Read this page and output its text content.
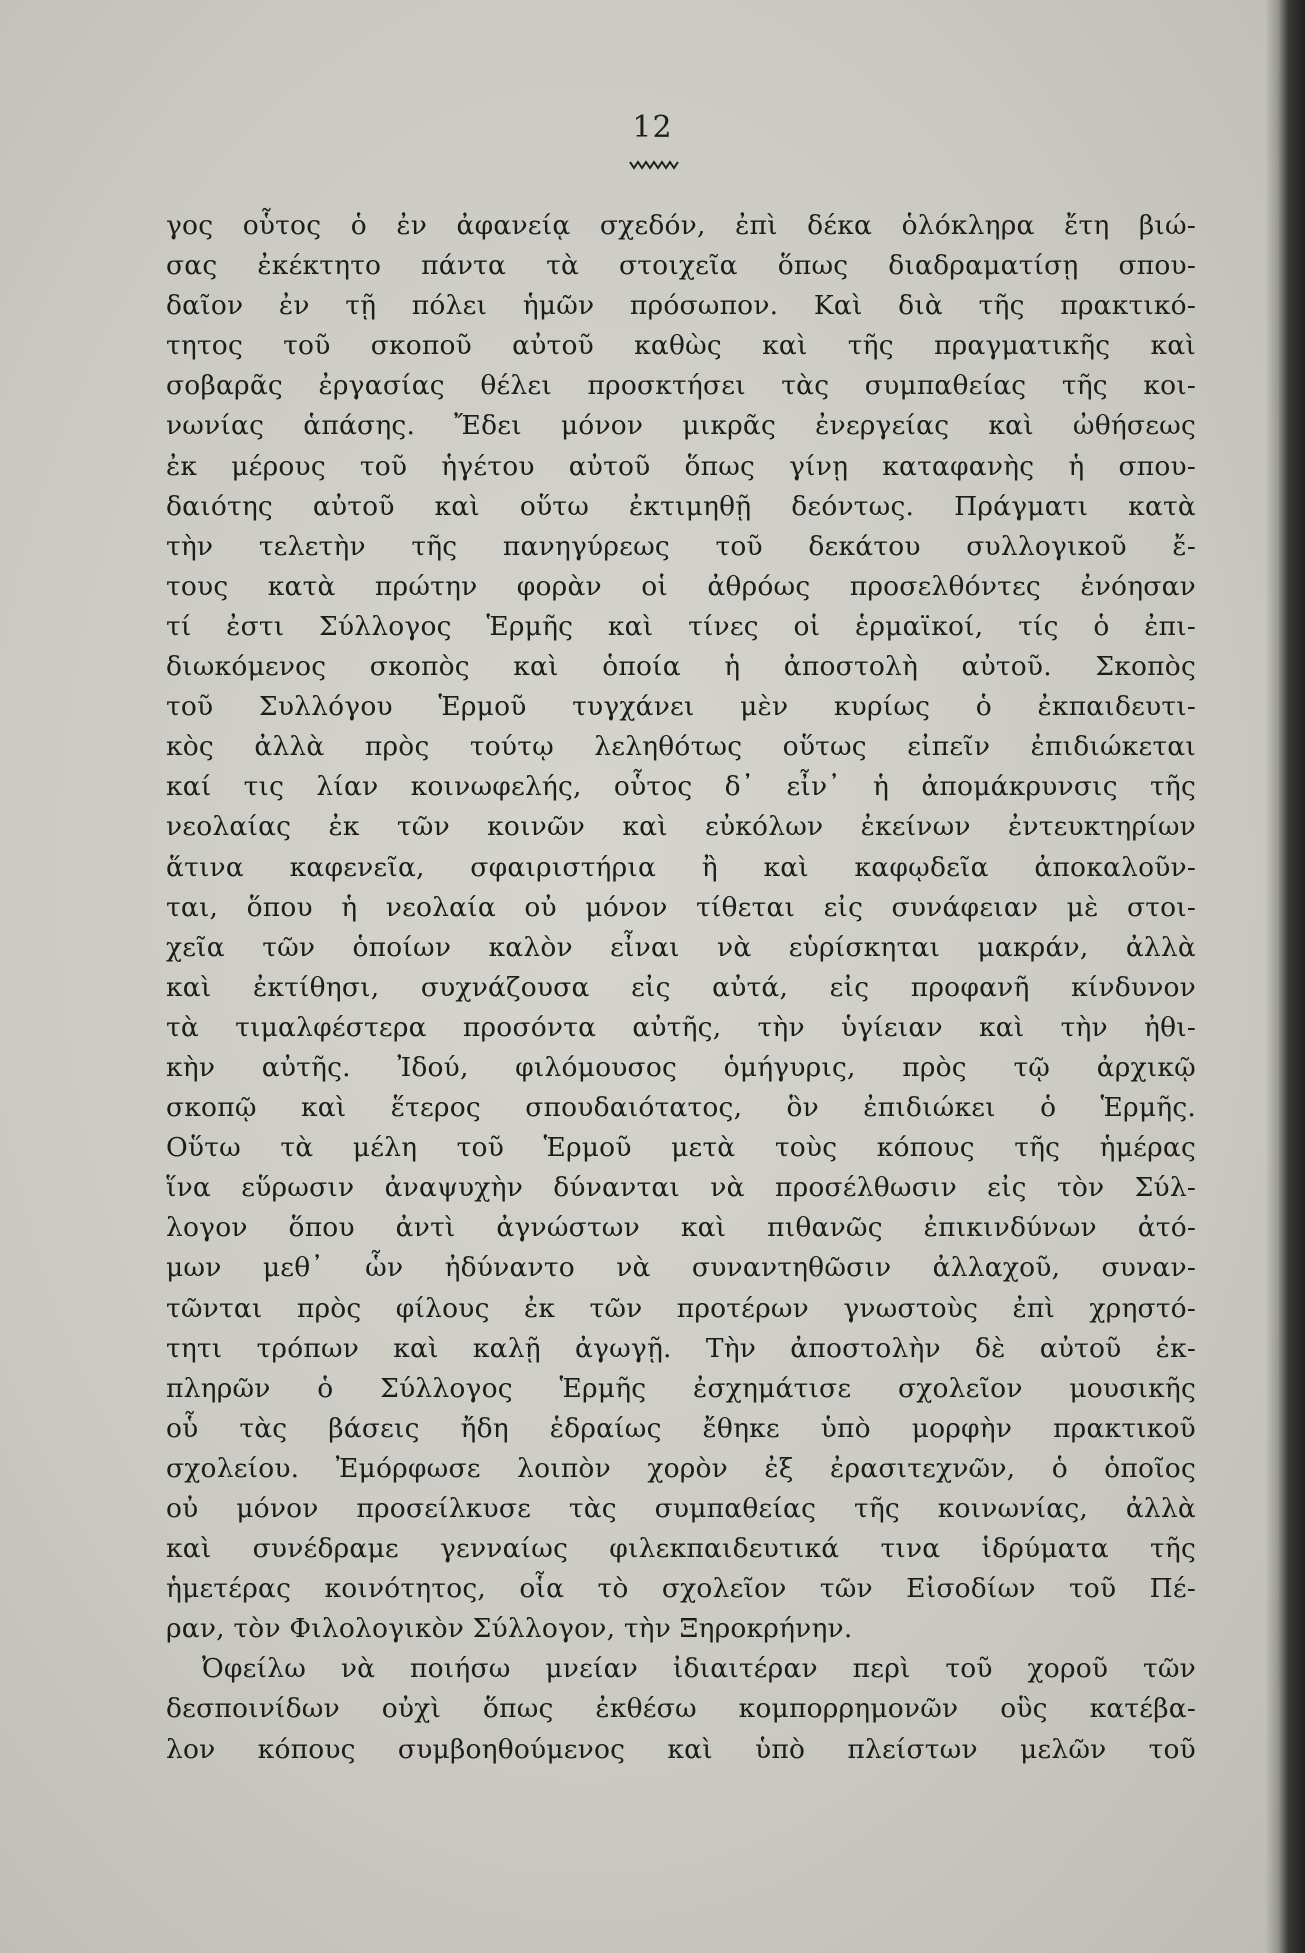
12
γος οὗτος ὁ ἐν ἀφανείᾳ σχεδόν, ἐπὶ δέκα ὁλόκληρα ἔτη βιώ-
σας ἐκέκτητο πάντα τὰ στοιχεῖα ὅπως διαδραματίσῃ σπου-
δαῖον ἐν τῇ πόλει ἡμῶν πρόσωπον. Καὶ διὰ τῆς πρακτικό-
τητος τοῦ σκοποῦ αὐτοῦ καθὼς καὶ τῆς πραγματικῆς καὶ
σοβαρᾶς ἐργασίας θέλει προσκτήσει τὰς συμπαθείας τῆς κοι-
νωνίας ἁπάσης. Ἔδει μόνον μικρᾶς ἐνεργείας καὶ ὠθήσεως
ἐκ μέρους τοῦ ἡγέτου αὐτοῦ ὅπως γίνῃ καταφανὴς ἡ σπου-
δαιότης αὐτοῦ καὶ οὕτω ἐκτιμηθῇ δεόντως. Πράγματι κατὰ
τὴν τελετὴν τῆς πανηγύρεως τοῦ δεκάτου συλλογικοῦ ἔ-
τους κατὰ πρώτην φορὰν οἱ ἀθρόως προσελθόντες ἐνόησαν
τί ἐστι Σύλλογος Ἑρμῆς καὶ τίνες οἱ ἑρμαϊκοί, τίς ὁ ἐπι-
διωκόμενος σκοπὸς καὶ ὁποία ἡ ἀποστολὴ αὐτοῦ. Σκοπὸς
τοῦ Συλλόγου Ἑρμοῦ τυγχάνει μὲν κυρίως ὁ ἐκπαιδευτι-
κὸς ἀλλὰ πρὸς τούτῳ λεληθότως οὕτως εἰπεῖν ἐπιδιώκεται
καί τις λίαν κοινωφελής, οὗτος δ᾿ εἶν᾿ ἡ ἀπομάκρυνσις τῆς
νεολαίας ἐκ τῶν κοινῶν καὶ εὐκόλων ἐκείνων ἐντευκτηρίων
ἅτινα καφενεῖα, σφαιριστήρια ἢ καὶ καφῳδεῖα ἀποκαλοῦν-
ται, ὅπου ἡ νεολαία οὐ μόνον τίθεται εἰς συνάφειαν μὲ στοι-
χεῖα τῶν ὁποίων καλὸν εἶναι νὰ εὑρίσκηται μακράν, ἀλλὰ
καὶ ἐκτίθησι, συχνάζουσα εἰς αὐτά, εἰς προφανῆ κίνδυνον
τὰ τιμαλφέστερα προσόντα αὐτῆς, τὴν ὑγίειαν καὶ τὴν ἠθι-
κὴν αὐτῆς. Ἰδού, φιλόμουσος ὁμήγυρις, πρὸς τῷ ἀρχικῷ
σκοπῷ καὶ ἕτερος σπουδαιότατος, ὃν ἐπιδιώκει ὁ Ἑρμῆς.
Οὕτω τὰ μέλη τοῦ Ἑρμοῦ μετὰ τοὺς κόπους τῆς ἡμέρας
ἵνα εὕρωσιν ἀναψυχὴν δύνανται νὰ προσέλθωσιν εἰς τὸν Σύλ-
λογον ὅπου ἀντὶ ἀγνώστων καὶ πιθανῶς ἐπικινδύνων ἀτό-
μων μεθ᾿ ὧν ἠδύναντο νὰ συναντηθῶσιν ἀλλαχοῦ, συναν-
τῶνται πρὸς φίλους ἐκ τῶν προτέρων γνωστοὺς ἐπὶ χρηστό-
τητι τρόπων καὶ καλῇ ἀγωγῇ. Τὴν ἀποστολὴν δὲ αὐτοῦ ἐκ-
πληρῶν ὁ Σύλλογος Ἑρμῆς ἐσχημάτισε σχολεῖον μουσικῆς
οὗ τὰς βάσεις ἤδη ἑδραίως ἔθηκε ὑπὸ μορφὴν πρακτικοῦ
σχολείου. Ἐμόρφωσε λοιπὸν χορὸν ἐξ ἐρασιτεχνῶν, ὁ ὁποῖος
οὐ μόνον προσείλκυσε τὰς συμπαθείας τῆς κοινωνίας, ἀλλὰ
καὶ συνέδραμε γενναίως φιλεκπαιδευτικά τινα ἱδρύματα τῆς
ἡμετέρας κοινότητος, οἷα τὸ σχολεῖον τῶν Εἰσοδίων τοῦ Πέ-
ραν, τὸν Φιλολογικὸν Σύλλογον, τὴν Ξηροκρήνην.
Ὀφείλω νὰ ποιήσω μνείαν ἰδιαιτέραν περὶ τοῦ χοροῦ τῶν
δεσποινίδων οὐχὶ ὅπως ἐκθέσω κομπορρημονῶν οὓς κατέβα-
λον κόπους συμβοηθούμενος καὶ ὑπὸ πλείστων μελῶν τοῦ
